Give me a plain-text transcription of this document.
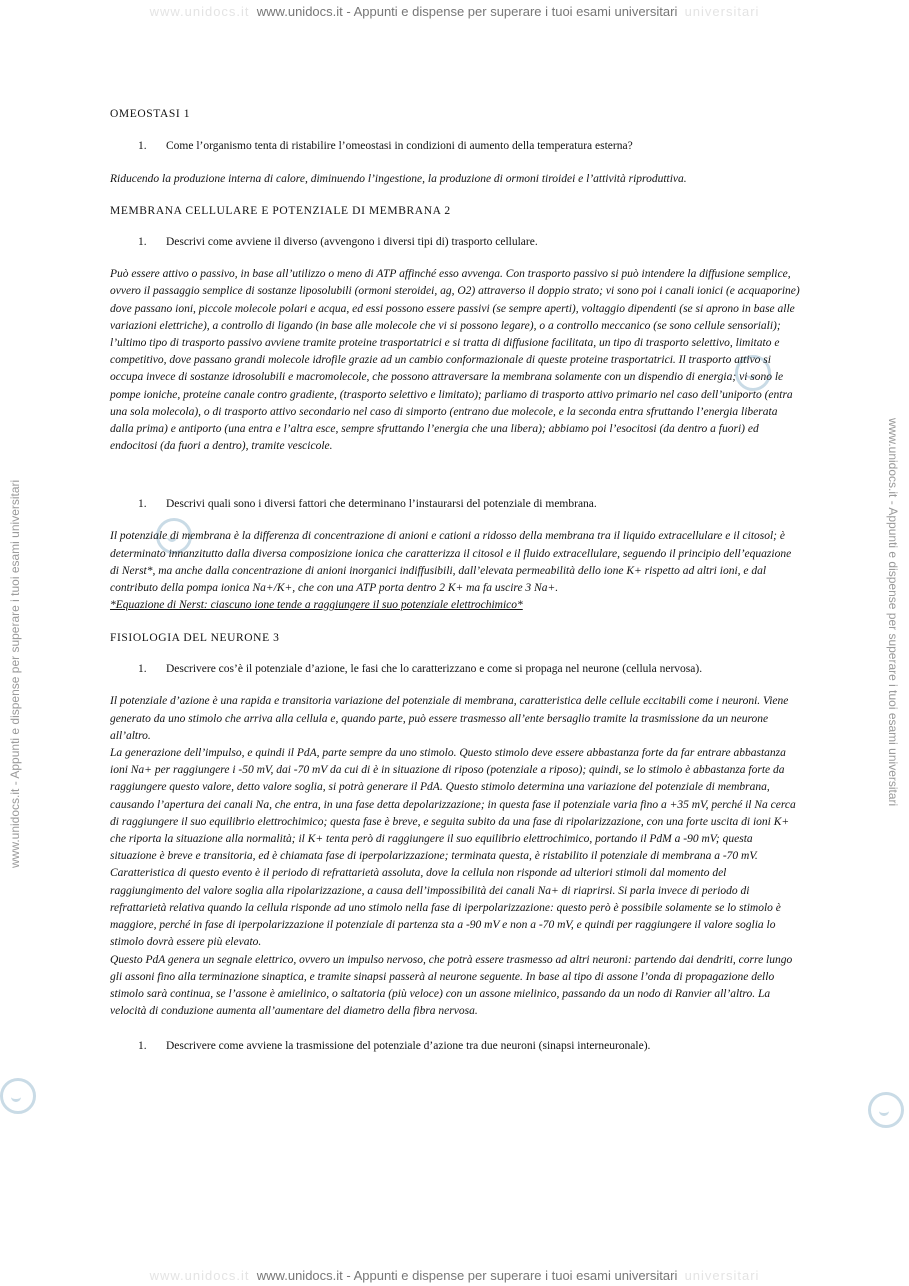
www.unidocs.it www.unidocs.it - Appunti e dispense per superare i tuoi esami universitari universitari
www.unidocs.it www.unidocs.it - Appunti e dispense per superare i tuoi esami universitari universitari
www.unidocs.it - Appunti e dispense per superare i tuoi esami universitari	www.unidocs.it - Appunti e dispense per superare i tuoi esami universitari
OMEOSTASI 1
1. Come l’organismo tenta di ristabilire l’omeostasi in condizioni di aumento della temperatura esterna?

Riducendo la produzione interna di calore, diminuendo l’ingestione, la produzione di ormoni tiroidei e l’attività riproduttiva.

MEMBRANA CELLULARE E POTENZIALE DI MEMBRANA 2
1. Descrivi come avviene il diverso (avvengono i diversi tipi di) trasporto cellulare.

Può essere attivo o passivo, in base all’utilizzo o meno di ATP affinché esso avvenga. Con trasporto passivo si può intendere la diffusione semplice, ovvero il passaggio semplice di sostanze liposolubili (ormoni steroidei, ag, O2) attraverso il doppio strato; vi sono poi i canali ionici (e acquaporine) dove passano ioni, piccole molecole polari e acqua, ed essi possono essere passivi (se sempre aperti), voltaggio dipendenti (se si aprono in base alle variazioni elettriche), a controllo di ligando (in base alle molecole che vi si possono legare), o a controllo meccanico (se sono cellule sensoriali); l’ultimo tipo di trasporto passivo avviene tramite proteine trasportatrici e si tratta di diffusione facilitata, un tipo di trasporto selettivo, limitato e competitivo, dove passano grandi molecole idrofile grazie ad un cambio conformazionale di queste proteine trasportatrici. Il trasporto attivo si occupa invece di sostanze idrosolubili e macromolecole, che possono attraversare la membrana solamente con un dispendio di energia; vi sono le pompe ioniche, proteine canale contro gradiente, (trasporto selettivo e limitato); parliamo di trasporto attivo primario nel caso dell’uniporto (entra una sola molecola), o di trasporto attivo secondario nel caso di simporto (entrano due molecole, e la seconda entra sfruttando l’energia liberata dalla prima) e antiporto (una entra e l’altra esce, sempre sfruttando l’energia che una libera); abbiamo poi l’esocitosi (da dentro a fuori) ed endocitosi (da fuori a dentro), tramite vescicole.

1. Descrivi quali sono i diversi fattori che determinano l’instaurarsi del potenziale di membrana.

Il potenziale di membrana è la differenza di concentrazione di anioni e cationi a ridosso della membrana tra il liquido extracellulare e il citosol; è determinato innanzitutto dalla diversa composizione ionica che caratterizza il citosol e il fluido extracellulare, seguendo il principio dell’equazione di Nerst*, ma anche dalla concentrazione di anioni inorganici indiffusibili, dall’elevata permeabilità dello ione K+ rispetto ad altri ioni, e dal contributo della pompa ionica Na+/K+, che con una ATP porta dentro 2 K+ ma fa uscire 3 Na+.

*Equazione di Nerst: ciascuno ione tende a raggiungere il suo potenziale elettrochimico*

FISIOLOGIA DEL NEURONE 3
1. Descrivere cos’è il potenziale d’azione, le fasi che lo caratterizzano e come si propaga nel neurone (cellula nervosa).

Il potenziale d’azione è una rapida e transitoria variazione del potenziale di membrana, caratteristica delle cellule eccitabili come i neuroni. Viene generato da uno stimolo che arriva alla cellula e, quando parte, può essere trasmesso all’ente bersaglio tramite la trasmissione da un neurone all’altro.

La generazione dell’impulso, e quindi il PdA, parte sempre da uno stimolo. Questo stimolo deve essere abbastanza forte da far entrare abbastanza ioni Na+ per raggiungere i -50 mV, dai -70 mV da cui di è in situazione di riposo (potenziale a riposo); quindi, se lo stimolo è abbastanza forte da raggiungere questo valore, detto valore soglia, si potrà generare il PdA. Questo stimolo determina una variazione del potenziale di membrana, causando l’apertura dei canali Na, che entra, in una fase detta depolarizzazione; in questa fase il potenziale varia fino a +35 mV, perché il Na cerca di raggiungere il suo equilibrio elettrochimico; questa fase è breve, e seguita subito da una fase di ripolarizzazione, con una forte uscita di ioni K+ che riporta la situazione alla normalità; il K+ tenta però di raggiungere il suo equilibrio elettrochimico, portando il PdM a -90 mV; questa situazione è breve e transitoria, ed è chiamata fase di iperpolarizzazione; terminata questa, è ristabilito il potenziale di membrana a -70 mV. Caratteristica di questo evento è il periodo di refrattarietà assoluta, dove la cellula non risponde ad ulteriori stimoli dal momento del raggiungimento del valore soglia alla ripolarizzazione, a causa dell’impossibilità dei canali Na+ di riaprirsi. Si parla invece di periodo di refrattarietà relativa quando la cellula risponde ad uno stimolo nella fase di iperpolarizzazione: questo però è possibile solamente se lo stimolo è maggiore, perché in fase di iperpolarizzazione il potenziale di partenza sta a -90 mV e non a -70 mV, e quindi per raggiungere il valore soglia lo stimolo dovrà essere più elevato.

Questo PdA genera un segnale elettrico, ovvero un impulso nervoso, che potrà essere trasmesso ad altri neuroni: partendo dai dendriti, corre lungo gli assoni fino alla terminazione sinaptica, e tramite sinapsi passerà al neurone seguente. In base al tipo di assone l’onda di propagazione dello stimolo sarà continua, se l’assone è amielinico, o saltatoria (più veloce) con un assone mielinico, passando da un nodo di Ranvier all’altro. La velocità di conduzione aumenta all’aumentare del diametro della fibra nervosa.

1. Descrivere come avviene la trasmissione del potenziale d’azione tra due neuroni (sinapsi interneuronale).
